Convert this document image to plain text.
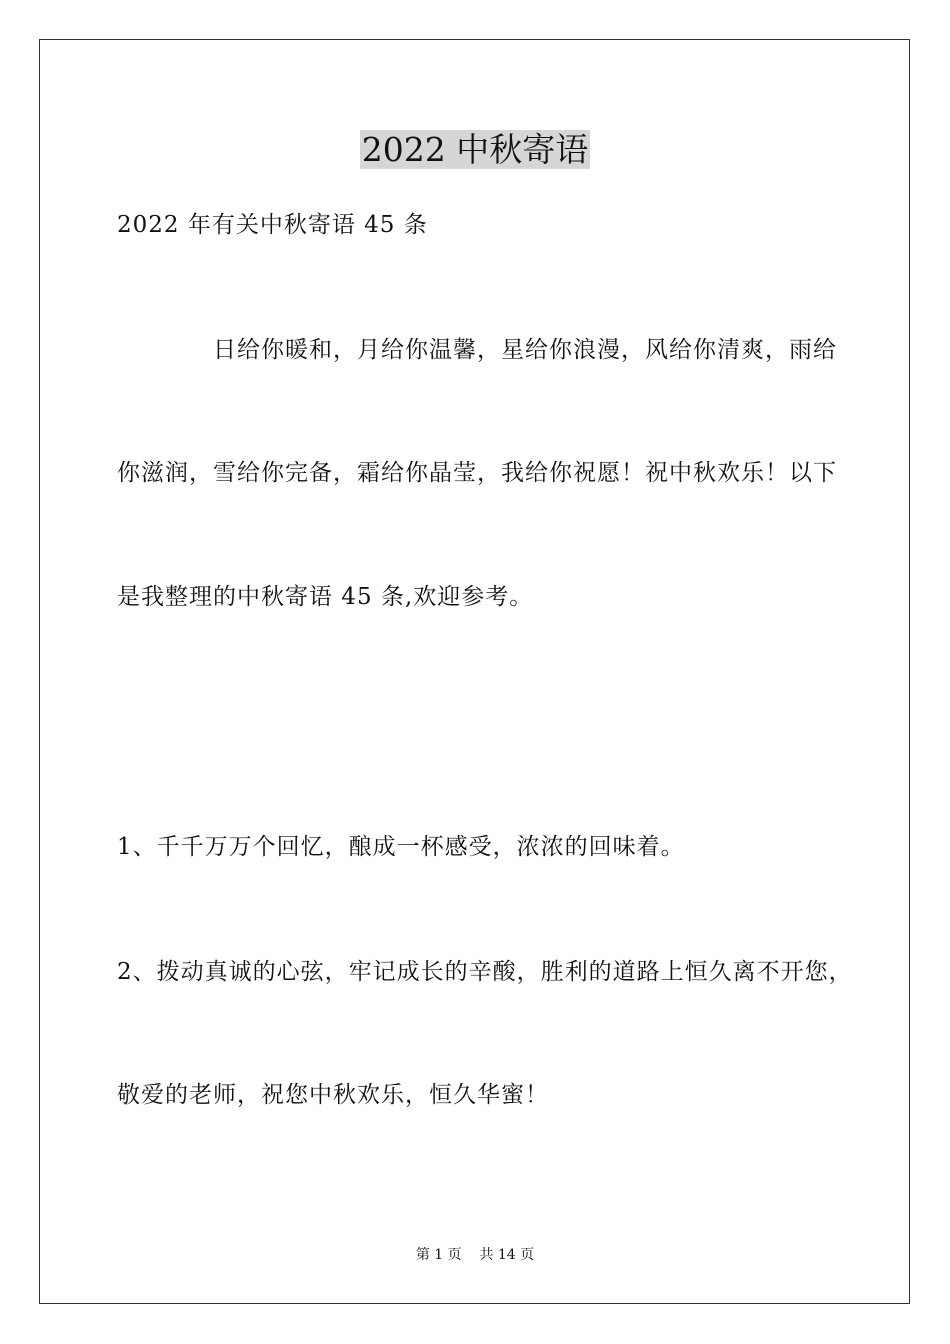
2022 中秋寄语
2022 年有关中秋寄语 45 条
日给你暖和，月给你温馨，星给你浪漫，风给你清爽，雨给
你滋润，雪给你完备，霜给你晶莹，我给你祝愿！祝中秋欢乐！以下
是我整理的中秋寄语 45 条,欢迎参考。
1、千千万万个回忆，酿成一杯感受，浓浓的回味着。
2、拨动真诚的心弦，牢记成长的辛酸，胜利的道路上恒久离不开您，
敬爱的老师，祝您中秋欢乐，恒久华蜜！
第 1 页    共 14 页
